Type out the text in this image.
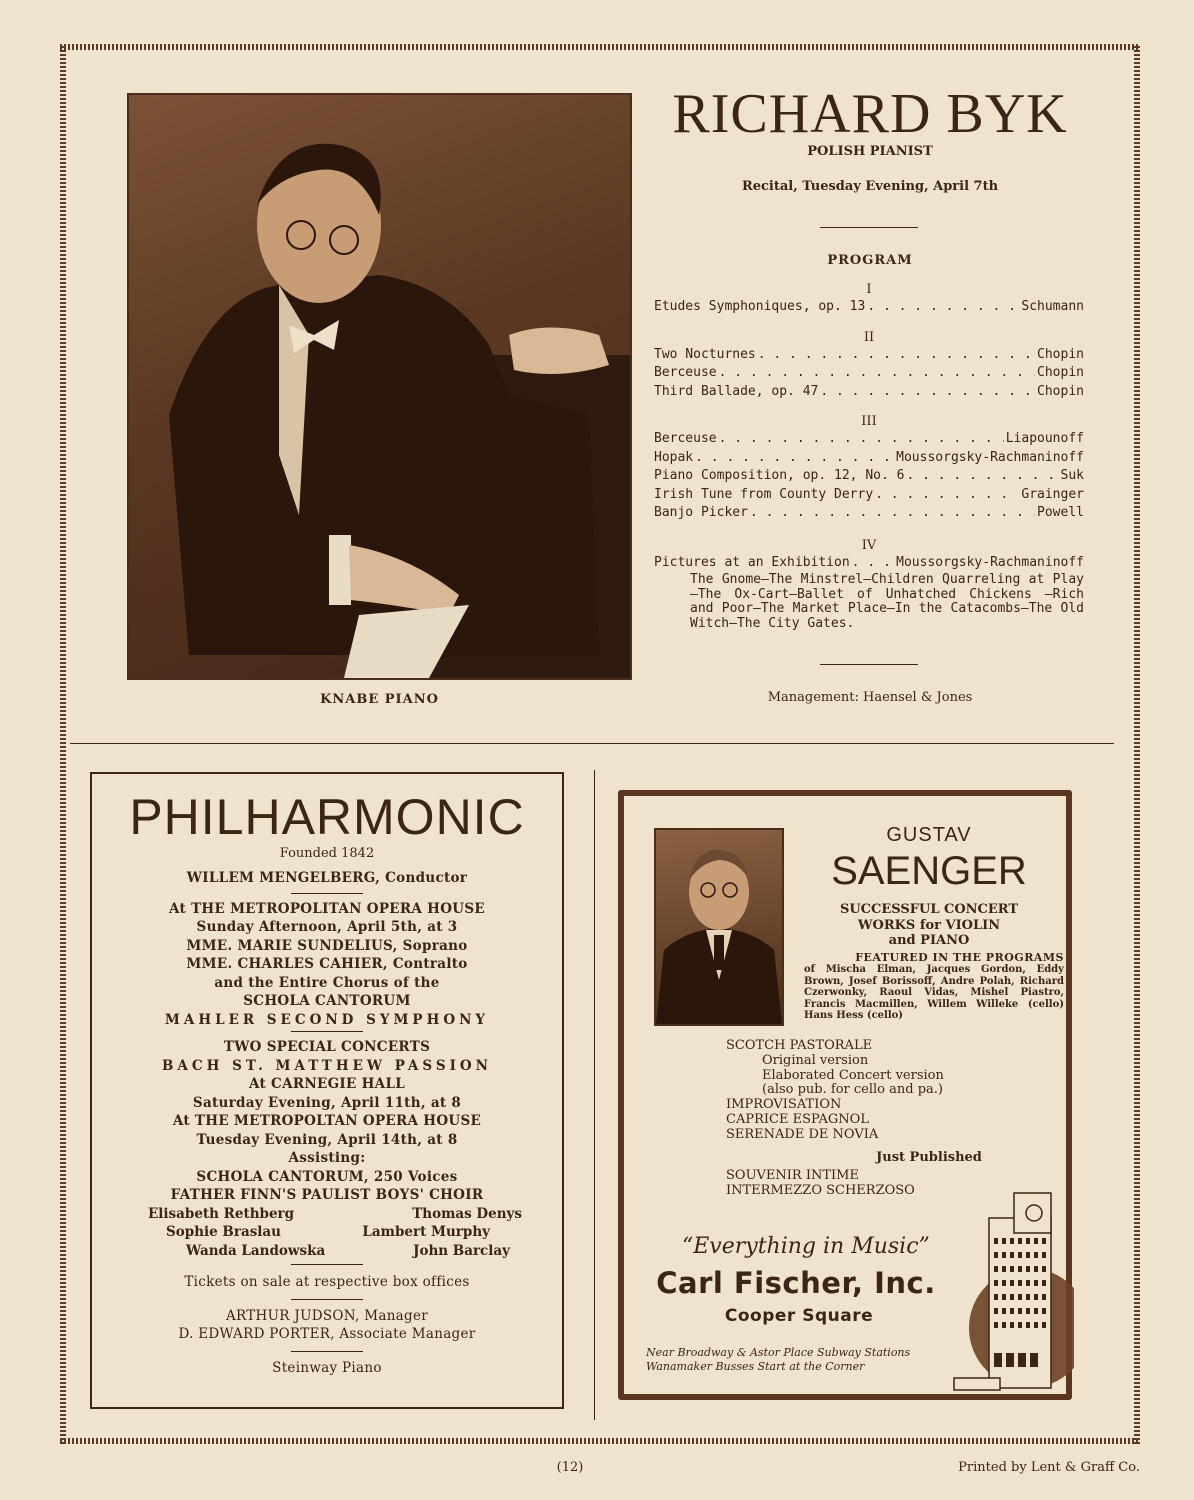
KNABE PIANO
RICHARD BYK
POLISH PIANIST
Recital, Tuesday Evening, April 7th
PROGRAM
I
Etudes Symphoniques, op. 13 . . .	Schumann
II
Two Nocturnes . . .	Chopin
Berceuse . . .	Chopin
Third Ballade, op. 47 . . .	Chopin
III
Berceuse . . .	Liapounoff
Hopak . . .	Moussorgsky-Rachmaninoff
Piano Composition, op. 12, No. 6 . . .	Suk
Irish Tune from County Derry . . .	Grainger
Banjo Picker . . .	Powell
IV
Pictures at an Exhibition . . .	Moussorgsky-Rachmaninoff
The Gnome—The Minstrel—Children Quarreling at Play—The Ox-Cart—Ballet of Unhatched Chickens —Rich and Poor—The Market Place—In the Catacombs—The Old Witch—The City Gates.
Management: Haensel & Jones
PHILHARMONIC
Founded 1842

WILLEM MENGELBERG, Conductor

At THE METROPOLITAN OPERA HOUSE

Sunday Afternoon, April 5th, at 3

MME. MARIE SUNDELIUS, Soprano

MME. CHARLES CAHIER, Contralto

and the Entire Chorus of the

SCHOLA CANTORUM

MAHLER SECOND SYMPHONY

TWO SPECIAL CONCERTS

BACH ST. MATTHEW PASSION

At CARNEGIE HALL

Saturday Evening, April 11th, at 8

At THE METROPOLTAN OPERA HOUSE

Tuesday Evening, April 14th, at 8

Assisting:

SCHOLA CANTORUM, 250 Voices

FATHER FINN'S PAULIST BOYS' CHOIR

Elisabeth Rethberg	Thomas Denys
Sophie Braslau	Lambert Murphy
Wanda Landowska	John Barclay

Tickets on sale at respective box offices

ARTHUR JUDSON, Manager

D. EDWARD PORTER, Associate Manager

Steinway Piano

GUSTAV
SAENGER
SUCCESSFUL CONCERT
WORKS for VIOLIN
and PIANO
FEATURED IN THE PROGRAMS
of Mischa Elman, Jacques Gordon, Eddy Brown, Josef Borissoff, Andre Polah, Richard Czerwonky, Raoul Vidas, Mishel Piastro, Francis Macmillen, Willem Willeke (cello) Hans Hess (cello)
SCOTCH PASTORALE
Original version
Elaborated Concert version
(also pub. for cello and pa.)
IMPROVISATION
CAPRICE ESPAGNOL
SERENADE DE NOVIA
Just Published
SOUVENIR INTIME
INTERMEZZO SCHERZOSO
“Everything in Music”
Carl Fischer, Inc.
Cooper Square
Near Broadway & Astor Place Subway Stations
Wanamaker Busses Start at the Corner
(12)	Printed by Lent & Graff Co.
